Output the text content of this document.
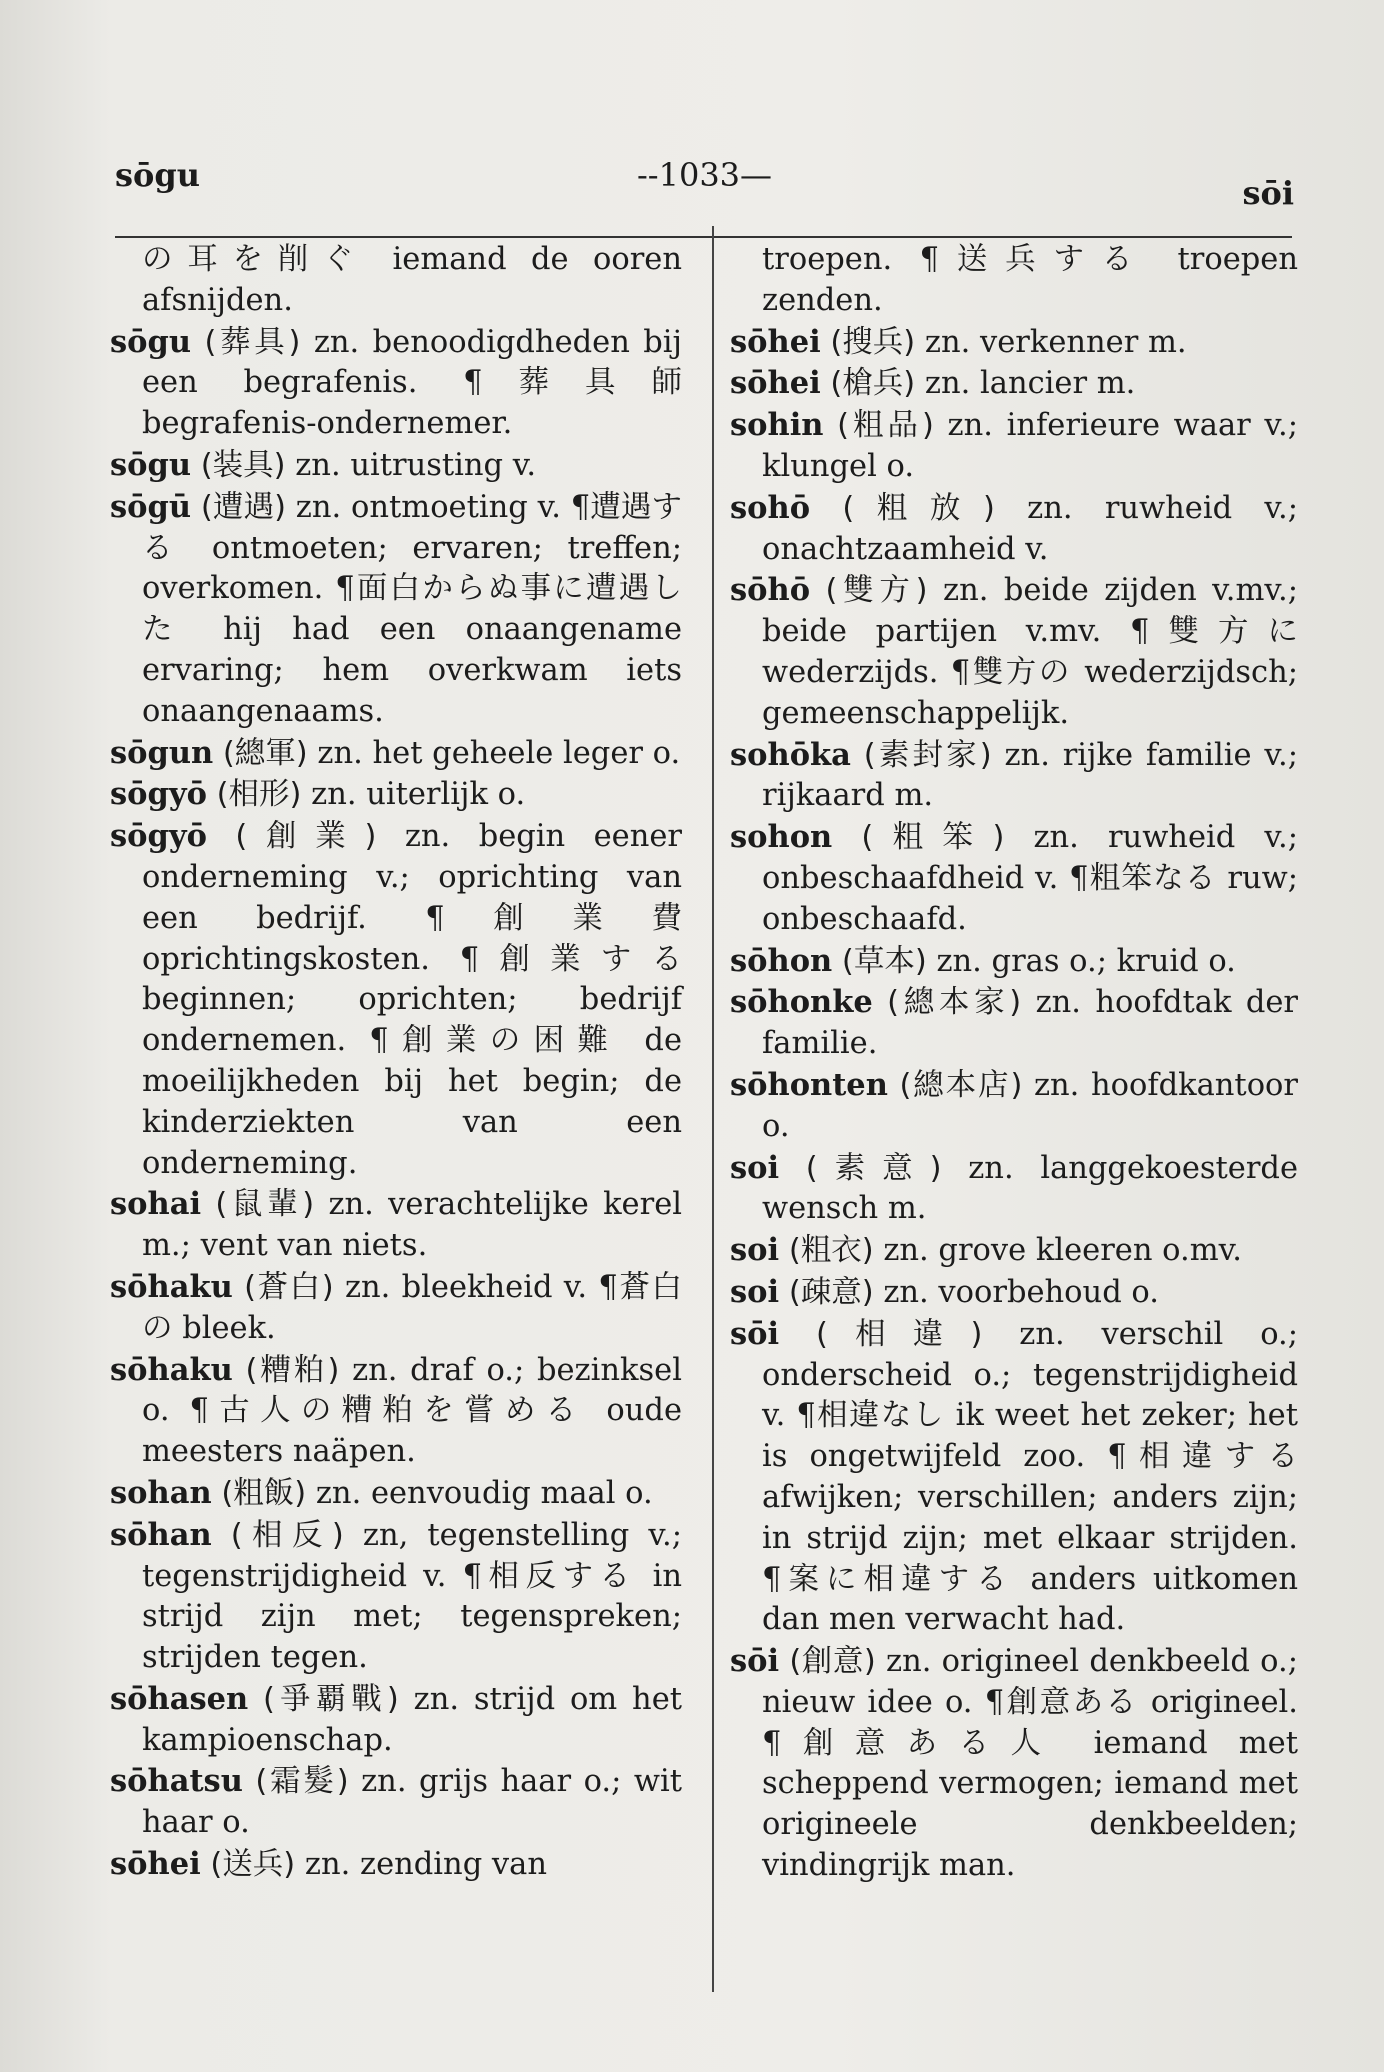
sōgu	--1033—	sōi
の耳を削ぐ iemand de ooren afsnijden.
sōgu (葬具) zn. benoodigdheden bij een begrafenis. ¶葬具師 begrafenis-ondernemer.
sōgu (装具) zn. uitrusting v.
sōgū (遭遇) zn. ontmoeting v. ¶遭遇する ontmoeten; ervaren; treffen; overkomen. ¶面白からぬ事に遭遇した hij had een onaangename ervaring; hem overkwam iets onaangenaams.
sōgun (總軍) zn. het geheele leger o.
sōgyō (相形) zn. uiterlijk o.
sōgyō (創業) zn. begin eener onderneming v.; oprichting van een bedrijf. ¶創業費 oprichtingskosten. ¶創業する beginnen; oprichten; bedrijf ondernemen. ¶創業の困難 de moeilijkheden bij het begin; de kinderziekten van een onderneming.
sohai (鼠輩) zn. verachtelijke kerel m.; vent van niets.
sōhaku (蒼白) zn. bleekheid v. ¶蒼白の bleek.
sōhaku (糟粕) zn. draf o.; bezinksel o. ¶古人の糟粕を嘗める oude meesters naäpen.
sohan (粗飯) zn. eenvoudig maal o.
sōhan (相反) zn, tegenstelling v.; tegenstrijdigheid v. ¶相反する in strijd zijn met; tegenspreken; strijden tegen.
sōhasen (爭覇戰) zn. strijd om het kampioenschap.
sōhatsu (霜髮) zn. grijs haar o.; wit haar o.
sōhei (送兵) zn. zending van
troepen. ¶送兵する troepen zenden.
sōhei (搜兵) zn. verkenner m.
sōhei (槍兵) zn. lancier m.
sohin (粗品) zn. inferieure waar v.; klungel o.
sohō (粗放) zn. ruwheid v.; onachtzaamheid v.
sōhō (雙方) zn. beide zijden v.mv.; beide partijen v.mv. ¶雙方に wederzijds. ¶雙方の wederzijdsch; gemeenschappelijk.
sohōka (素封家) zn. rijke familie v.; rijkaard m.
sohon (粗笨) zn. ruwheid v.; onbeschaafdheid v. ¶粗笨なる ruw; onbeschaafd.
sōhon (草本) zn. gras o.; kruid o.
sōhonke (總本家) zn. hoofdtak der familie.
sōhonten (總本店) zn. hoofdkantoor o.
soi (素意) zn. langgekoesterde wensch m.
soi (粗衣) zn. grove kleeren o.mv.
soi (疎意) zn. voorbehoud o.
sōi (相違) zn. verschil o.; onderscheid o.; tegenstrijdigheid v. ¶相違なし ik weet het zeker; het is ongetwijfeld zoo. ¶相違する afwijken; verschillen; anders zijn; in strijd zijn; met elkaar strijden. ¶案に相違する anders uitkomen dan men verwacht had.
sōi (創意) zn. origineel denkbeeld o.; nieuw idee o. ¶創意ある origineel. ¶創意ある人 iemand met scheppend vermogen; iemand met origineele denkbeelden; vindingrijk man.
